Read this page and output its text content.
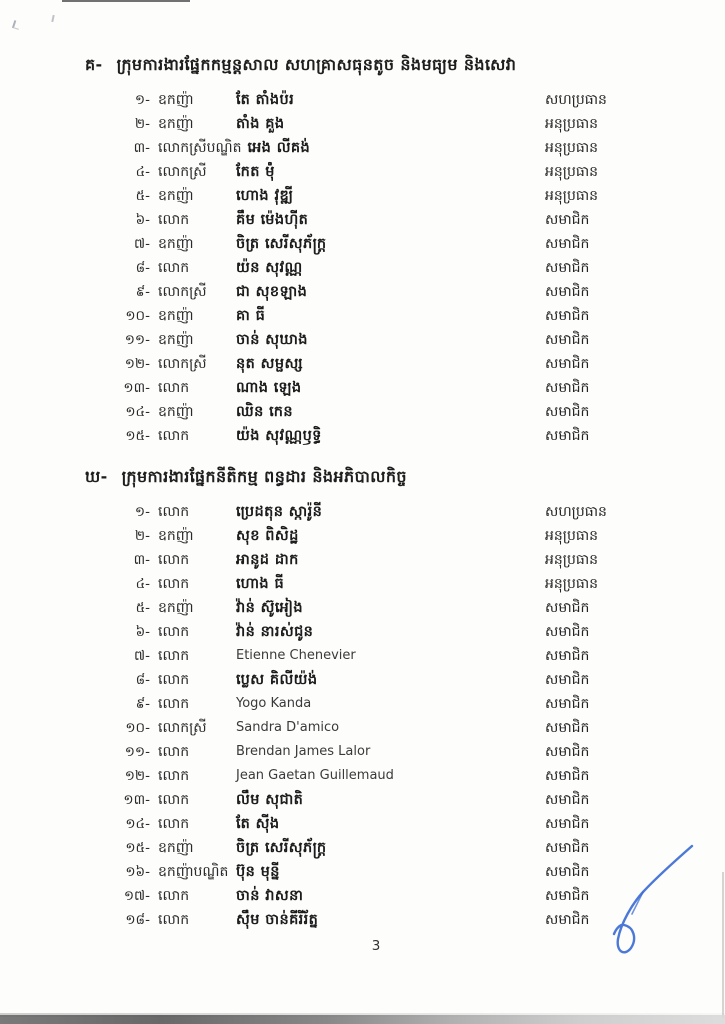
គ- ក្រុមការងារផ្នែកកម្មន្តសាល សហគ្រាសធុនតូច និងមធ្យម និងសេវា
១- ឧកញ៉ា	តែ តាំងប៉រ	សហប្រធាន
២- ឧកញ៉ា	តាំង គួង	អនុប្រធាន
៣- លោកស្រីបណ្ឌិត អេង លីគង់	អនុប្រធាន
៤- លោកស្រី	កែត ម៉ុំ	អនុប្រធាន
៥- ឧកញ៉ា	ហោង វុឌ្ឍី	អនុប្រធាន
៦- លោក	គឹម ម៉េងហ៊ីត	សមាជិក
៧- ឧកញ៉ា	ចិត្រ សេរីសុភ័ក្ត្រ	សមាជិក
៨- លោក	យ៉ន សុវណ្ណ	សមាជិក
៩- លោកស្រី	ជា សុខឡាង	សមាជិក
១០- ឧកញ៉ា	គា ធី	សមាជិក
១១- ឧកញ៉ា	ចាន់ សុឃាង	សមាជិក
១២- លោកស្រី	នុត សម្ផស្ស	សមាជិក
១៣- លោក	ណាង ឡេង	សមាជិក
១៤- ឧកញ៉ា	ឈិន កេន	សមាជិក
១៥- លោក	យ៉ង សុវណ្ណឫទ្ធិ	សមាជិក
ឃ- ក្រុមការងារផ្នែកនីតិកម្ម ពន្ធដារ និងអភិបាលកិច្ច
១- លោក	ប្រេដតុន ស្ការ៉ូនី	សហប្រធាន
២- ឧកញ៉ា	សុខ ពិសិដ្ឋ	អនុប្រធាន
៣- លោក	អានូដ ដាក	អនុប្រធាន
៤- លោក	ហោង ធី	អនុប្រធាន
៥- ឧកញ៉ា	វ៉ាន់ ស៊ូអៀង	សមាជិក
៦- លោក	វ៉ាន់ នារស់ជូន	សមាជិក
៧- លោក	Etienne Chenevier	សមាជិក
៨- លោក	ប្លេស គិលីយ៉ង់	សមាជិក
៩- លោក	Yogo Kanda	សមាជិក
១០- លោកស្រី	Sandra D'amico	សមាជិក
១១- លោក	Brendan James Lalor	សមាជិក
១២- លោក	Jean Gaetan Guillemaud	សមាជិក
១៣- លោក	លឹម សុជាតិ	សមាជិក
១៤- លោក	តែ ស៊ីង	សមាជិក
១៥- ឧកញ៉ា	ចិត្រ សេរីសុភ័ក្ត្រ	សមាជិក
១៦- ឧកញ៉ាបណ្ឌិត ប៊ុន មុន្នី	សមាជិក
១៧- លោក	ចាន់ វាសនា	សមាជិក
១៨- លោក	ស៊ឹម ចាន់គីរីរ័ត្ន	សមាជិក
3
